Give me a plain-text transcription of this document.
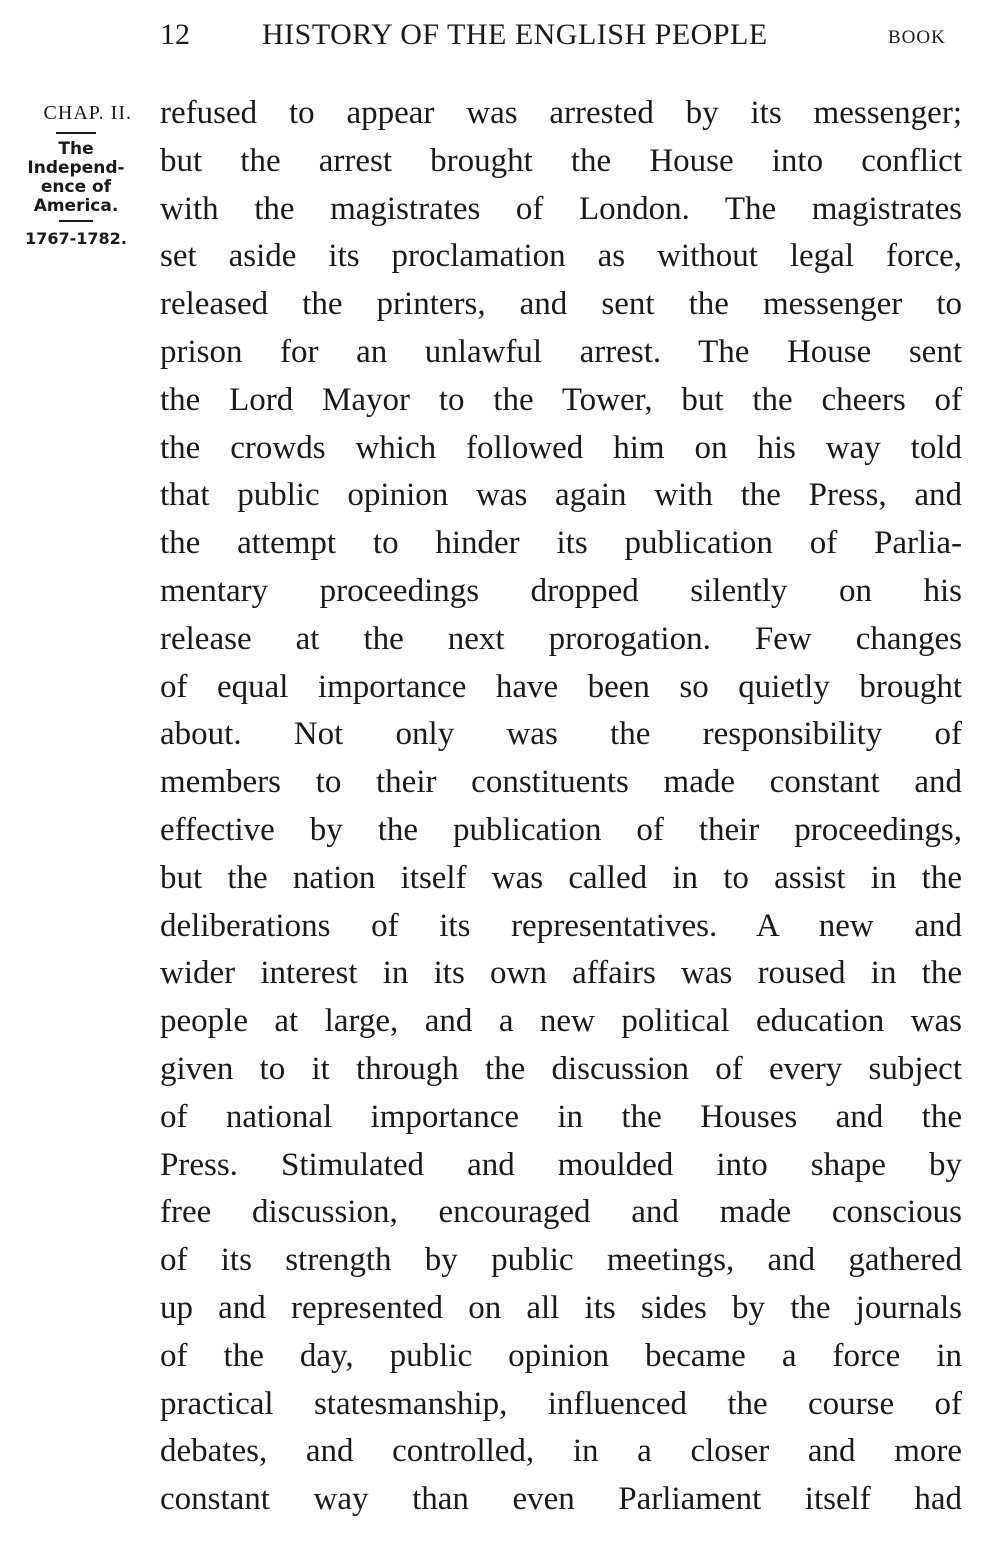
12 HISTORY OF THE ENGLISH PEOPLE	BOOK
CHAP. II.
The
Independ-
ence of
America.
1767-1782.
refused to appear was arrested by its messenger;
but the arrest brought the House into conflict
with the magistrates of London. The magistrates
set aside its proclamation as without legal force,
released the printers, and sent the messenger to
prison for an unlawful arrest. The House sent
the Lord Mayor to the Tower, but the cheers of
the crowds which followed him on his way told
that public opinion was again with the Press, and
the attempt to hinder its publication of Parlia-
mentary proceedings dropped silently on his
release at the next prorogation. Few changes
of equal importance have been so quietly brought
about. Not only was the responsibility of
members to their constituents made constant and
effective by the publication of their proceedings,
but the nation itself was called in to assist in the
deliberations of its representatives. A new and
wider interest in its own affairs was roused in the
people at large, and a new political education was
given to it through the discussion of every subject
of national importance in the Houses and the
Press. Stimulated and moulded into shape by
free discussion, encouraged and made conscious
of its strength by public meetings, and gathered
up and represented on all its sides by the journals
of the day, public opinion became a force in
practical statesmanship, influenced the course of
debates, and controlled, in a closer and more
constant way than even Parliament itself had
